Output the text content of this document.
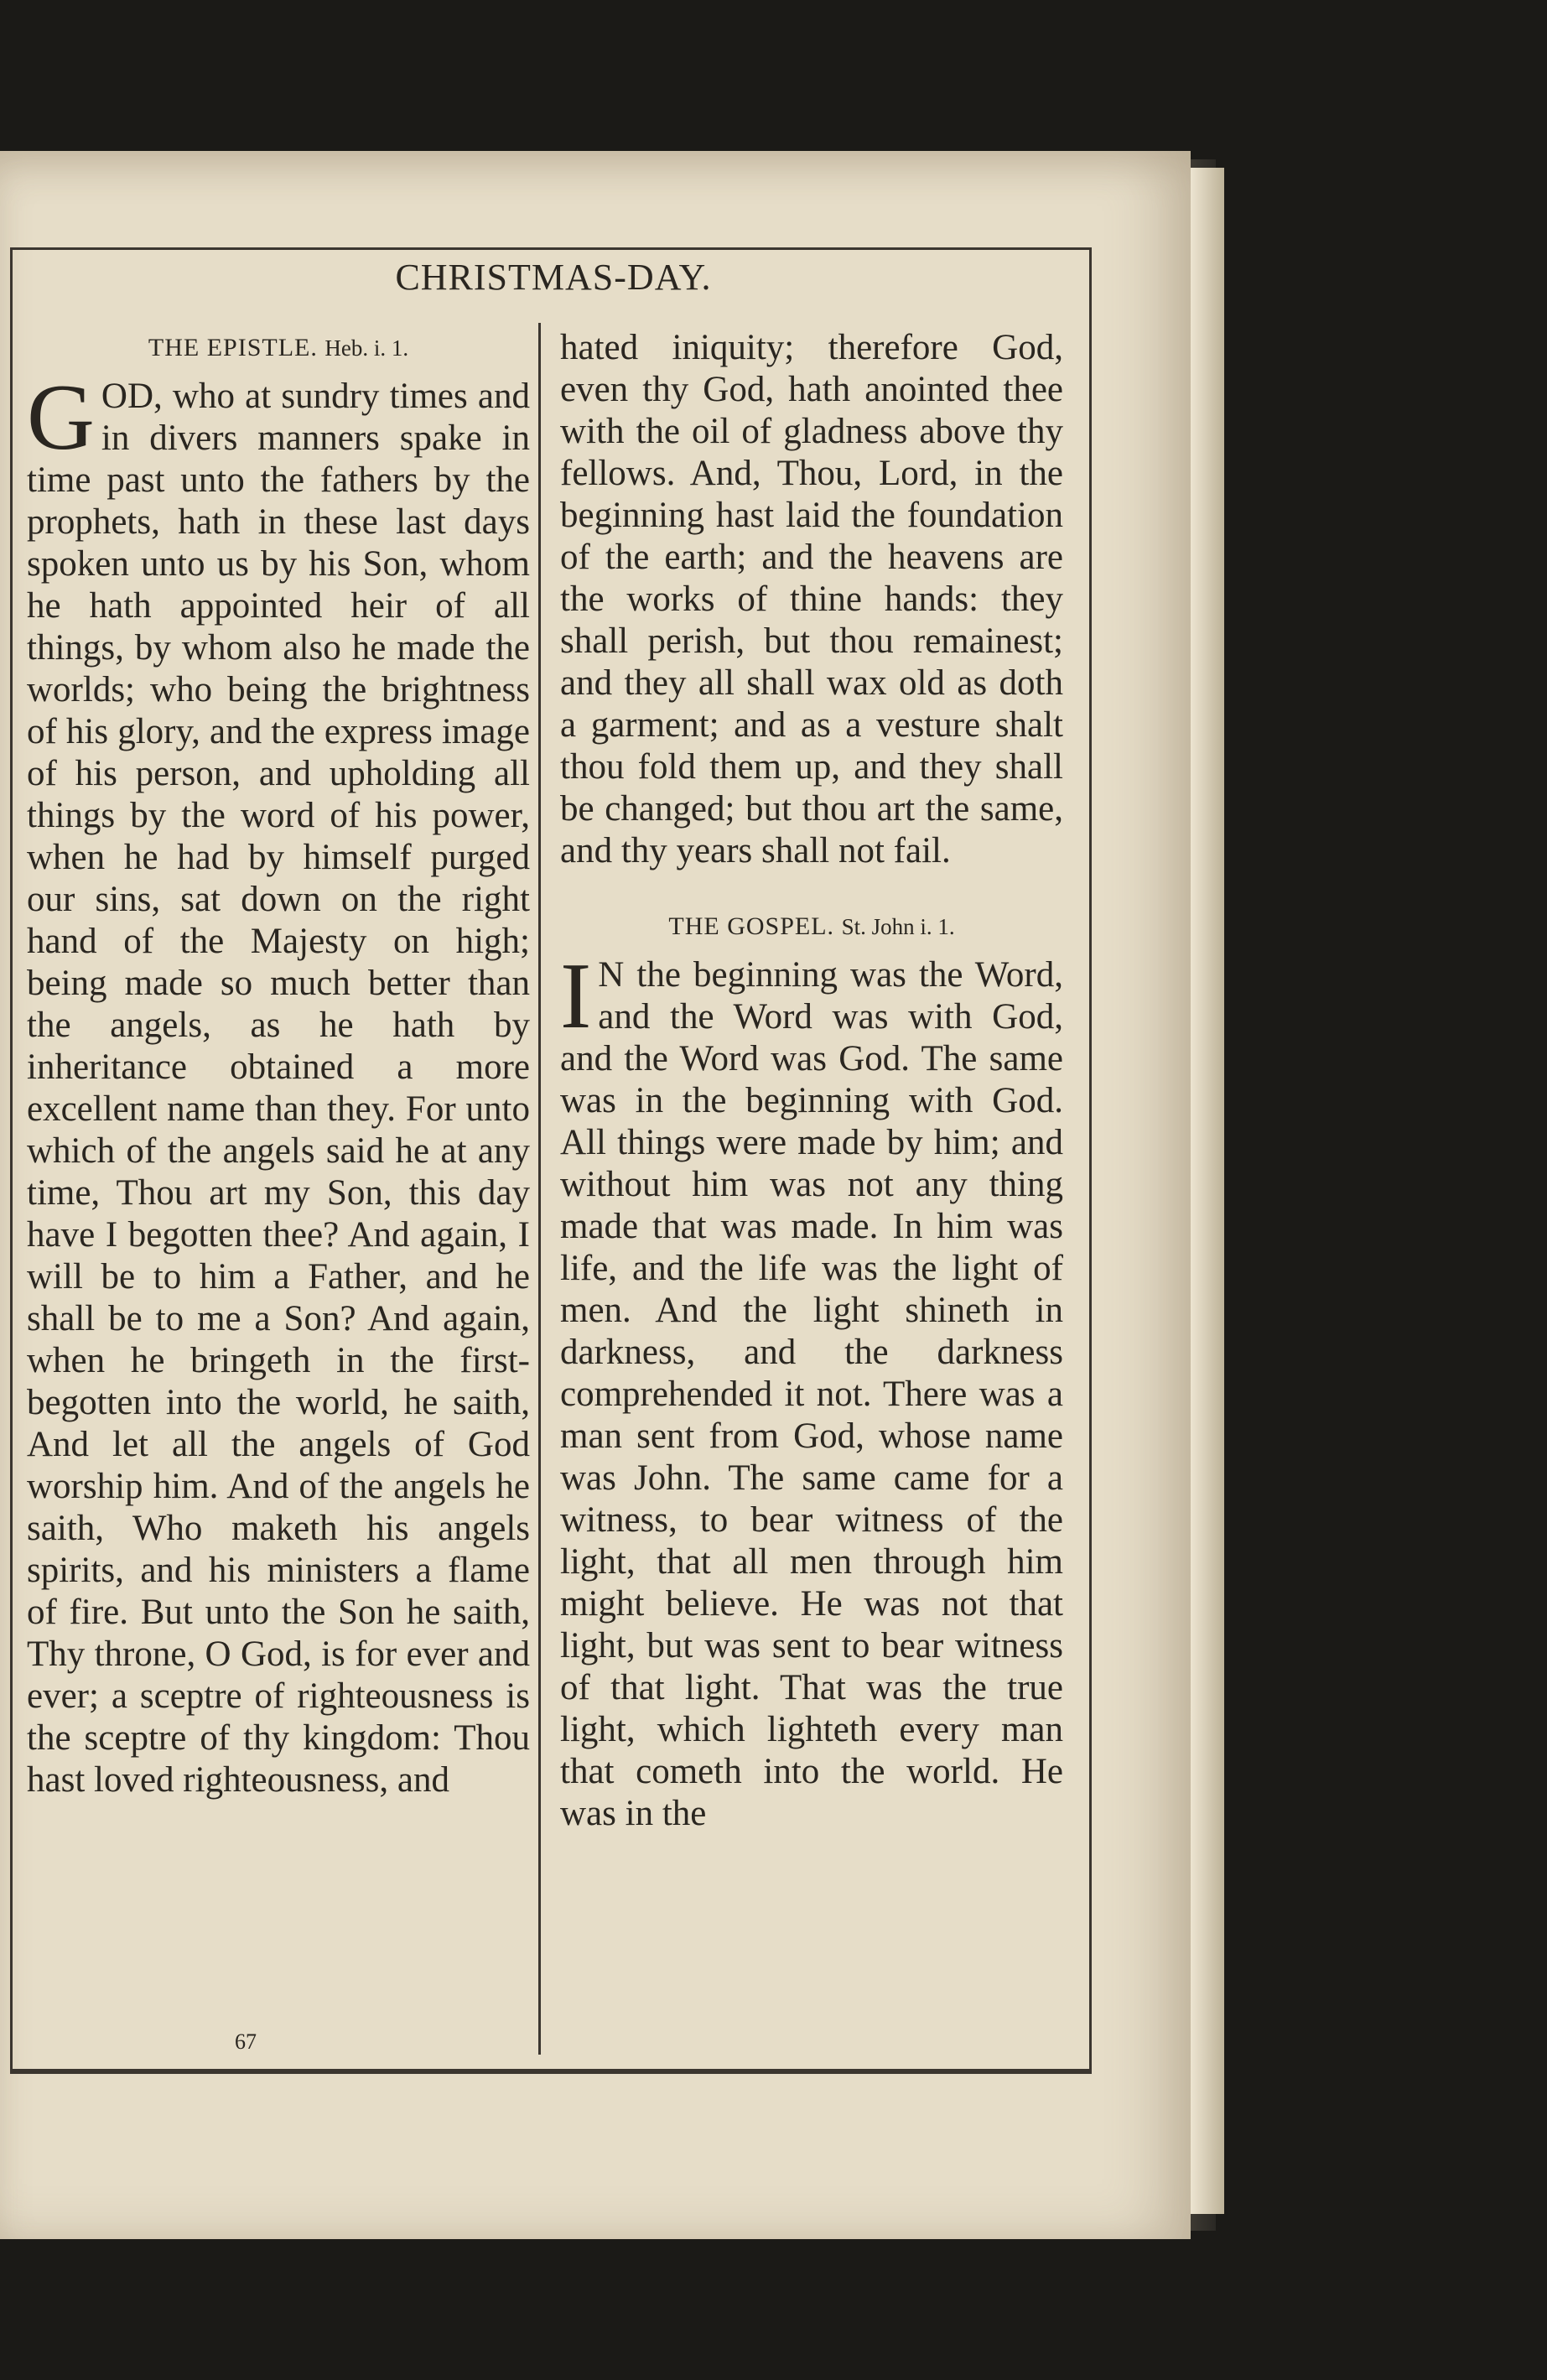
CHRISTMAS-DAY.

THE EPISTLE. Heb. i. 1.

G OD, who at sundry times and in divers manners spake in time past unto the fathers by the prophets, hath in these last days spoken unto us by his Son, whom he hath appointed heir of all things, by whom also he made the worlds; who being the brightness of his glory, and the express image of his person, and upholding all things by the word of his power, when he had by himself purged our sins, sat down on the right hand of the Majesty on high; being made so much better than the angels, as he hath by inheritance obtained a more excellent name than they. For unto which of the angels said he at any time, Thou art my Son, this day have I begotten thee? And again, I will be to him a Father, and he shall be to me a Son? And again, when he bringeth in the first-begotten into the world, he saith, And let all the angels of God worship him. And of the angels he saith, Who maketh his angels spirits, and his ministers a flame of fire. But unto the Son he saith, Thy throne, O God, is for ever and ever; a sceptre of righteousness is the sceptre of thy kingdom: Thou hast loved righteousness, and

hated iniquity; therefore God, even thy God, hath anointed thee with the oil of gladness above thy fellows. And, Thou, Lord, in the beginning hast laid the foundation of the earth; and the heavens are the works of thine hands: they shall perish, but thou remainest; and they all shall wax old as doth a garment; and as a vesture shalt thou fold them up, and they shall be changed; but thou art the same, and thy years shall not fail.

THE GOSPEL. St. John i. 1.

I N the beginning was the Word, and the Word was with God, and the Word was God. The same was in the beginning with God. All things were made by him; and without him was not any thing made that was made. In him was life, and the life was the light of men. And the light shineth in darkness, and the darkness comprehended it not. There was a man sent from God, whose name was John. The same came for a witness, to bear witness of the light, that all men through him might believe. He was not that light, but was sent to bear witness of that light. That was the true light, which lighteth every man that cometh into the world. He was in the

67
